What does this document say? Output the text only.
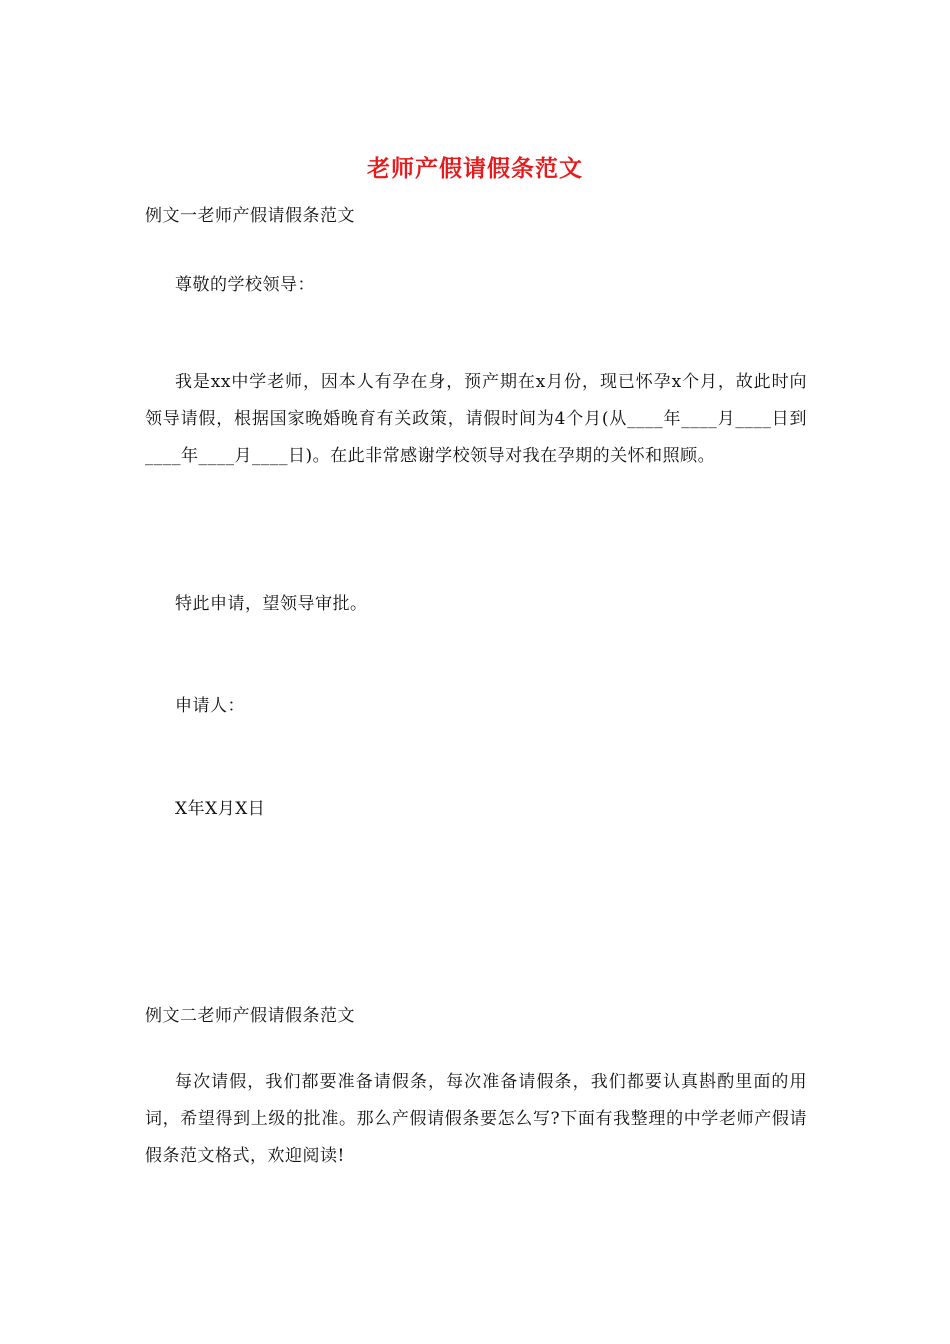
老师产假请假条范文
例文一老师产假请假条范文
尊敬的学校领导：
我是xx中学老师，因本人有孕在身，预产期在x月份，现已怀孕x个月，故此时向领导请假，根据国家晚婚晚育有关政策，请假时间为4个月(从____年____月____日到____年____月____日)。在此非常感谢学校领导对我在孕期的关怀和照顾。
特此申请，望领导审批。
申请人：
X年X月X日
例文二老师产假请假条范文
每次请假，我们都要准备请假条，每次准备请假条，我们都要认真斟酌里面的用词，希望得到上级的批准。那么产假请假条要怎么写?下面有我整理的中学老师产假请假条范文格式，欢迎阅读!
